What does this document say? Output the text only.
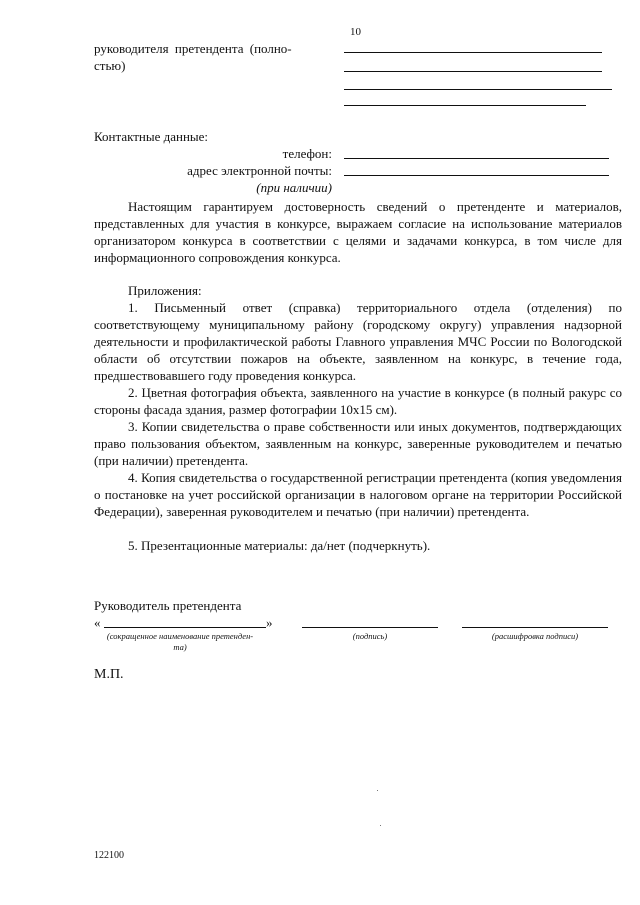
10
руководителя претендента (полно-
стью)
Контактные данные:
телефон:
адрес электронной почты:
(при наличии)
Настоящим гарантируем достоверность сведений о претенденте и материалов, представленных для участия в конкурсе, выражаем согласие на использование материалов организатором конкурса в соответствии с целями и задачами конкурса, в том числе для информационного сопровождения конкурса.
Приложения:
1. Письменный ответ (справка) территориального отдела (отделения) по соответствующему муниципальному району (городскому округу) управления надзорной деятельности и профилактической работы Главного управления МЧС России по Вологодской области об отсутствии пожаров на объекте, заявленном на конкурс, в течение года, предшествовавшего году проведения конкурса.
2. Цветная фотография объекта, заявленного на участие в конкурсе (в полный ракурс со стороны фасада здания, размер фотографии 10x15 см).
3. Копии свидетельства о праве собственности или иных документов, подтверждающих право пользования объектом, заявленным на конкурс, заверенные руководителем и печатью (при наличии) претендента.
4. Копия свидетельства о государственной регистрации претендента (копия уведомления о постановке на учет российской организации в налоговом органе на территории Российской Федерации), заверенная руководителем и печатью (при наличии) претендента.
5. Презентационные материалы: да/нет (подчеркнуть).
Руководитель претендента
«	»
(сокращенное наименование претенден-
та)
(подпись)	(расшифровка подписи)
М.П.
122100
